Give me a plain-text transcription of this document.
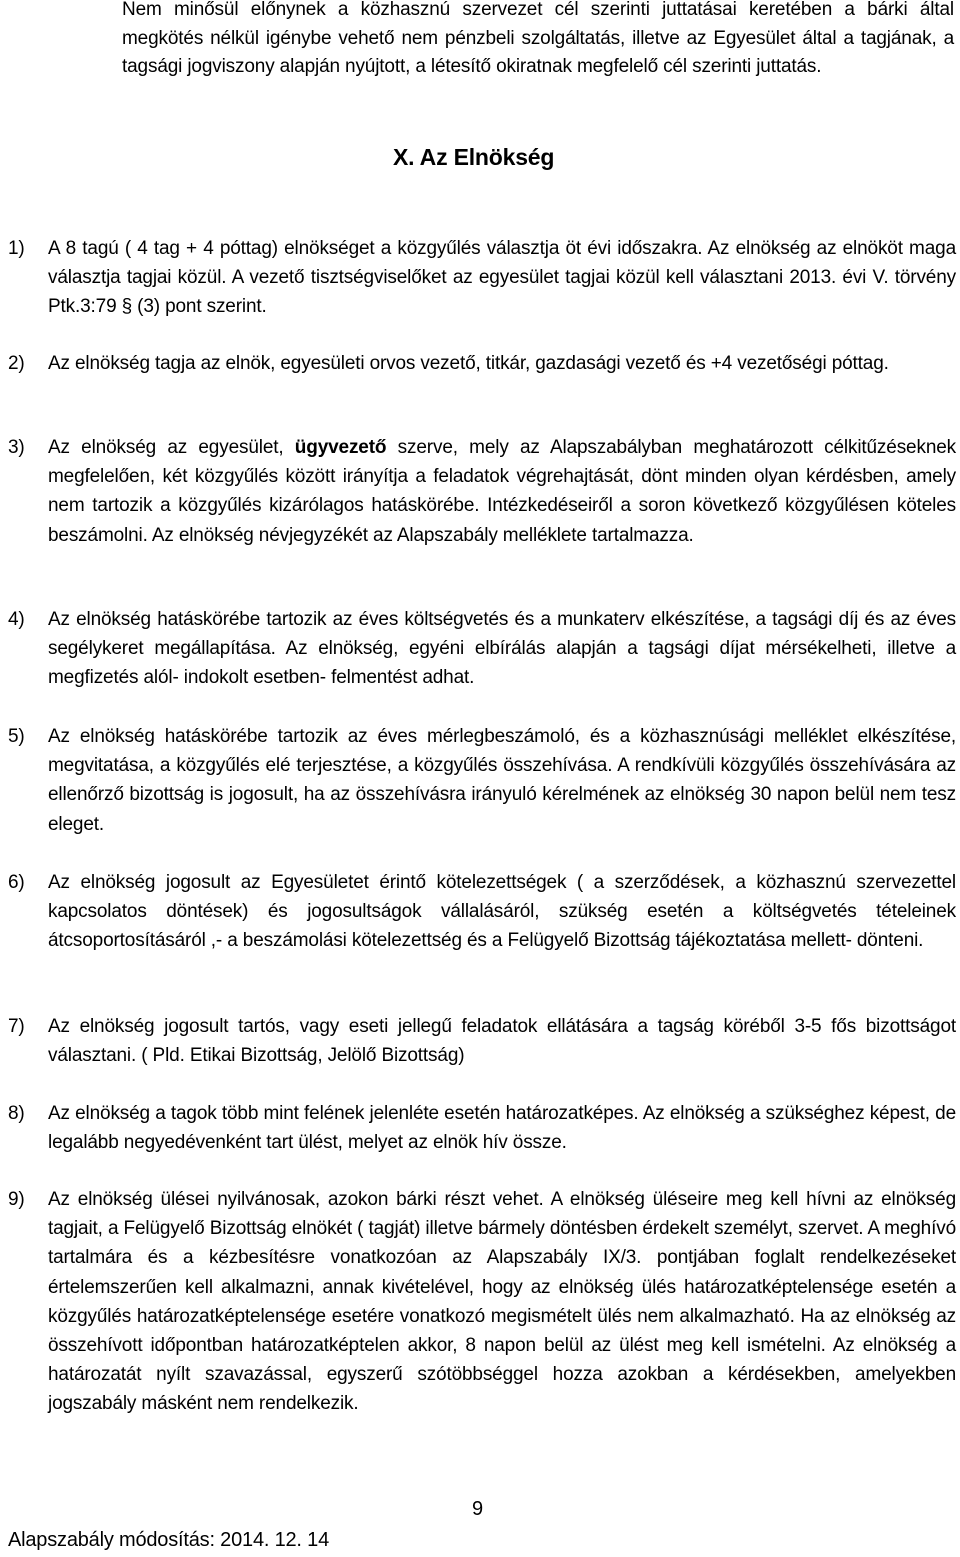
Nem minősül előnynek a közhasznú szervezet cél szerinti juttatásai keretében a bárki által megkötés nélkül igénybe vehető nem pénzbeli szolgáltatás, illetve az Egyesület által a tagjának, a tagsági jogviszony alapján nyújtott, a létesítő okiratnak megfelelő cél szerinti juttatás.

X. Az Elnökség
1)	A 8 tagú ( 4 tag + 4 póttag) elnökséget a közgyűlés választja öt évi időszakra. Az elnökség az elnököt maga választja tagjai közül. A vezető tisztségviselőket az egyesület tagjai közül kell választani 2013. évi V. törvény Ptk.3:79 § (3) pont szerint.
2)	Az elnökség tagja az elnök, egyesületi orvos vezető, titkár, gazdasági vezető és +4 vezetőségi póttag.
3)	Az elnökség az egyesület, ügyvezető szerve, mely az Alapszabályban meghatározott célkitűzéseknek megfelelően, két közgyűlés között irányítja a feladatok végrehajtását, dönt minden olyan kérdésben, amely nem tartozik a közgyűlés kizárólagos hatáskörébe. Intézkedéseiről a soron következő közgyűlésen köteles beszámolni. Az elnökség névjegyzékét az Alapszabály melléklete tartalmazza.
4)	Az elnökség hatáskörébe tartozik az éves költségvetés és a munkaterv elkészítése, a tagsági díj és az éves segélykeret megállapítása. Az elnökség, egyéni elbírálás alapján a tagsági díjat mérsékelheti, illetve a megfizetés alól- indokolt esetben- felmentést adhat.
5)	Az elnökség hatáskörébe tartozik az éves mérlegbeszámoló, és a közhasznúsági melléklet elkészítése, megvitatása, a közgyűlés elé terjesztése, a közgyűlés összehívása. A rendkívüli közgyűlés összehívására az ellenőrző bizottság is jogosult, ha az összehívásra irányuló kérelmének az elnökség 30 napon belül nem tesz eleget.
6)	Az elnökség jogosult az Egyesületet érintő kötelezettségek ( a szerződések, a közhasznú szervezettel kapcsolatos döntések) és jogosultságok vállalásáról, szükség esetén a költségvetés tételeinek átcsoportosításáról ,- a beszámolási kötelezettség és a Felügyelő Bizottság tájékoztatása mellett- dönteni.
7)	Az elnökség jogosult tartós, vagy eseti jellegű feladatok ellátására a tagság köréből 3-5 fős bizottságot választani. ( Pld. Etikai Bizottság, Jelölő Bizottság)
8)	Az elnökség a tagok több mint felének jelenléte esetén határozatképes. Az elnökség a szükséghez képest, de legalább negyedévenként tart ülést, melyet az elnök hív össze.
9)	Az elnökség ülései nyilvánosak, azokon bárki részt vehet. A elnökség üléseire meg kell hívni az elnökség tagjait, a Felügyelő Bizottság elnökét ( tagját) illetve bármely döntésben érdekelt személyt, szervet. A meghívó tartalmára és a kézbesítésre vonatkozóan az Alapszabály IX/3. pontjában foglalt rendelkezéseket értelemszerűen kell alkalmazni, annak kivételével, hogy az elnökség ülés határozatképtelensége esetén a közgyűlés határozatképtelensége esetére vonatkozó megismételt ülés nem alkalmazható. Ha az elnökség az összehívott időpontban határozatképtelen akkor, 8 napon belül az ülést meg kell ismételni. Az elnökség a határozatát nyílt szavazással, egyszerű szótöbbséggel hozza azokban a kérdésekben, amelyekben jogszabály másként nem rendelkezik.

9

Alapszabály módosítás: 2014. 12. 14
